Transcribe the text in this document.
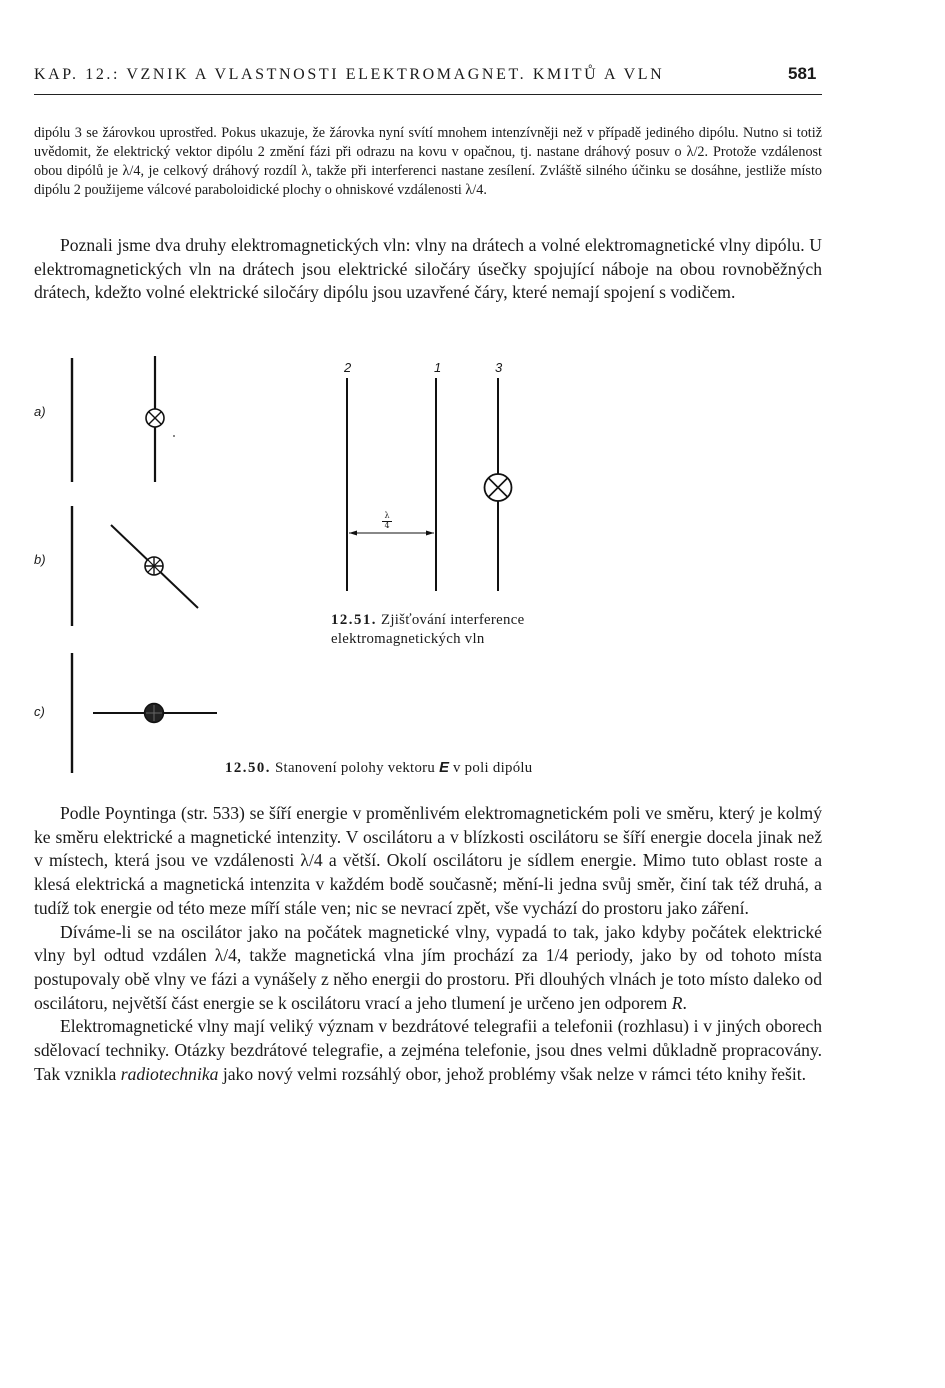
KAP. 12.: VZNIK A VLASTNOSTI ELEKTROMAGNET. KMITŮ A VLN	581
dipólu 3 se žárovkou uprostřed. Pokus ukazuje, že žárovka nyní svítí mnohem intenzívněji než v případě jediného dipólu. Nutno si totiž uvědomit, že elektrický vektor dipólu 2 změní fázi při odrazu na kovu v opačnou, tj. nastane dráhový posuv o λ/2. Protože vzdálenost obou dipólů je λ/4, je celkový dráhový rozdíl λ, takže při interferenci nastane zesílení. Zvláště silného účinku se dosáhne, jestliže místo dipólu 2 použijeme válcové paraboloidické plochy o ohniskové vzdálenosti λ/4.

Poznali jsme dva druhy elektromagnetických vln: vlny na drátech a volné elektromagnetické vlny dipólu. U elektromagnetických vln na drátech jsou elektrické siločáry úsečky spojující náboje na obou rovnoběžných drátech, kdežto volné elektrické siločáry dipólu jsou uzavřené čáry, které nemají spojení s vodičem.

a)
b)
c)
2	1	3
λ
4
12.51. Zjišťování interference
elektromagnetických vln
12.50. Stanovení polohy vektoru E v poli dipólu

Podle Poyntinga (str. 533) se šíří energie v proměnlivém elektromagnetickém poli ve směru, který je kolmý ke směru elektrické a magnetické intenzity. V oscilátoru a v blízkosti oscilátoru se šíří energie docela jinak než v místech, která jsou ve vzdálenosti λ/4 a větší. Okolí oscilátoru je sídlem energie. Mimo tuto oblast roste a klesá elektrická a magnetická intenzita v každém bodě současně; mění-li jedna svůj směr, činí tak též druhá, a tudíž tok energie od této meze míří stále ven; nic se nevrací zpět, vše vychází do prostoru jako záření.

Díváme-li se na oscilátor jako na počátek magnetické vlny, vypadá to tak, jako kdyby počátek elektrické vlny byl odtud vzdálen λ/4, takže magnetická vlna jím prochází za 1/4 periody, jako by od tohoto místa postupovaly obě vlny ve fázi a vynášely z něho energii do prostoru. Při dlouhých vlnách je toto místo daleko od oscilátoru, největší část energie se k oscilátoru vrací a jeho tlumení je určeno jen odporem R.

Elektromagnetické vlny mají veliký význam v bezdrátové telegrafii a telefonii (rozhlasu) i v jiných oborech sdělovací techniky. Otázky bezdrátové telegrafie, a zejména telefonie, jsou dnes velmi důkladně propracovány. Tak vznikla radiotechnika jako nový velmi rozsáhlý obor, jehož problémy však nelze v rámci této knihy řešit.
